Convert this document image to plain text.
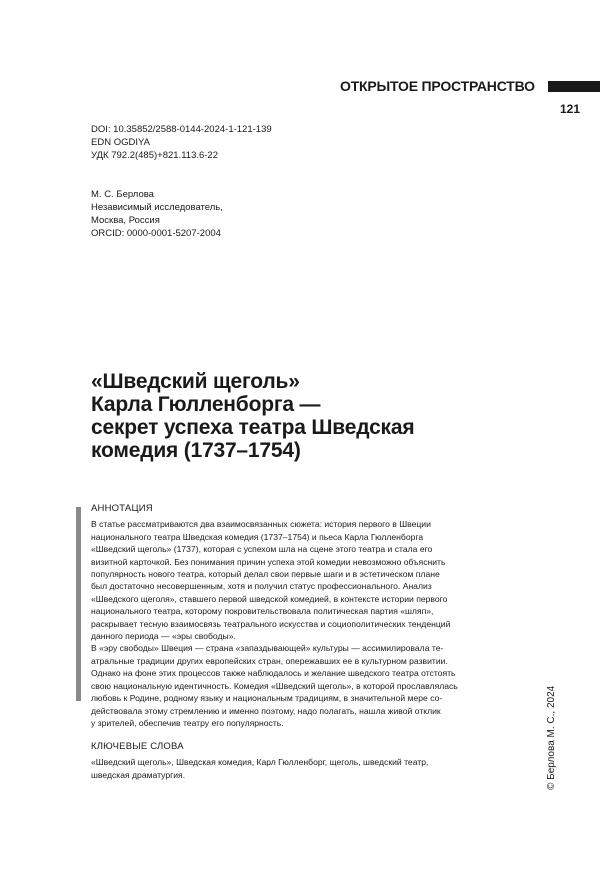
ОТКРЫТОЕ ПРОСТРАНСТВО
121
DOI: 10.35852/2588-0144-2024-1-121-139
EDN OGDIYA
УДК 792.2(485)+821.113.6-22
М. С. Берлова
Независимый исследователь,
Москва, Россия
ORCID: 0000-0001-5207-2004
«Шведский щеголь»
Карла Гюлленборга —
секрет успеха театра Шведская
комедия (1737–1754)
АННОТАЦИЯ
В статье рассматриваются два взаимосвязанных сюжета: история первого в Швеции
национального театра Шведская комедия (1737–1754) и пьеса Карла Гюлленборга
«Шведский щеголь» (1737), которая с успехом шла на сцене этого театра и стала его
визитной карточкой. Без понимания причин успеха этой комедии невозможно объяснить
популярность нового театра, который делал свои первые шаги и в эстетическом плане
был достаточно несовершенным, хотя и получил статус профессионального. Анализ
«Шведского щеголя», ставшего первой шведской комедией, в контексте истории первого
национального театра, которому покровительствовала политическая партия «шляп»,
раскрывает тесную взаимосвязь театрального искусства и социополитических тенденций
данного периода — «эры свободы».
В «эру свободы» Швеция — страна «запаздывающей» культуры — ассимилировала те-
атральные традиции других европейских стран, опережавших ее в культурном развитии.
Однако на фоне этих процессов также наблюдалось и желание шведского театра отстоять
свою национальную идентичность. Комедия «Шведский щеголь», в которой прославлялась
любовь к Родине, родному языку и национальным традициям, в значительной мере со-
действовала этому стремлению и именно поэтому, надо полагать, нашла живой отклик
у зрителей, обеспечив театру его популярность.
КЛЮЧЕВЫЕ СЛОВА
«Шведский щеголь», Шведская комедия, Карл Гюлленборг, щеголь, шведский театр,
шведская драматургия.	© Берлова М. С., 2024
